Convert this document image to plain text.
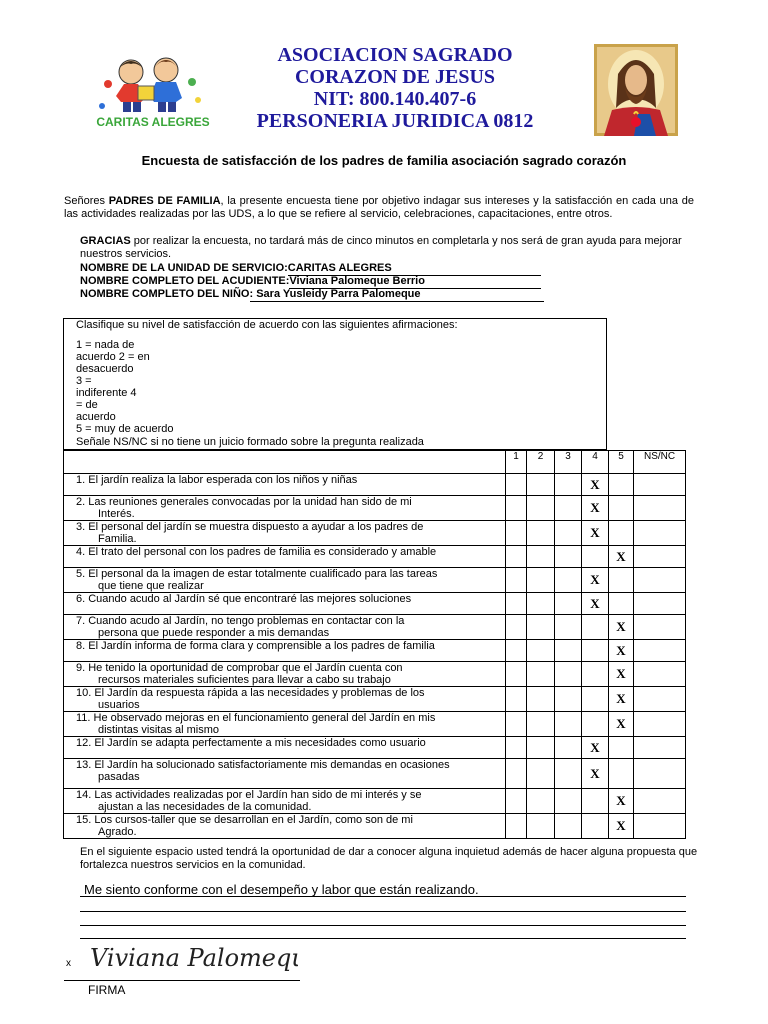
CARITAS ALEGRES
ASOCIACION SAGRADO
CORAZON DE JESUS
NIT: 800.140.407-6
PERSONERIA JURIDICA 0812
Encuesta de satisfacción de los padres de familia asociación sagrado corazón
Señores PADRES DE FAMILIA, la presente encuesta tiene por objetivo indagar sus intereses y la satisfacción en cada una de las actividades realizadas por las UDS, a lo que se refiere al servicio, celebraciones, capacitaciones, entre otros.
GRACIAS por realizar la encuesta, no tardará más de cinco minutos en completarla y nos será de gran ayuda para mejorar nuestros servicios.
NOMBRE DE LA UNIDAD DE SERVICIO:CARITAS ALEGRES
NOMBRE COMPLETO DEL ACUDIENTE:Viviana Palomeque Berrio
NOMBRE COMPLETO DEL NIÑO: Sara Yusleidy Parra Palomeque
Clasifique su nivel de satisfacción de acuerdo con las siguientes afirmaciones:
1 = nada de
acuerdo 2 = en
desacuerdo
3 =
indiferente 4
= de
acuerdo
5 = muy de acuerdo
Señale NS/NC si no tiene un juicio formado sobre la pregunta realizada
	1	2	3	4	5	NS/NC

1. El jardín realiza la labor esperada con los niños y niñas				X		

2. Las reuniones generales convocadas por la unidad han sido de mi
Interés.				X		

3. El personal del jardín se muestra dispuesto a ayudar a los padres de
Familia.				X		

4. El trato del personal con los padres de familia es considerado y amable					X	

5. El personal da la imagen de estar totalmente cualificado para las tareas
que tiene que realizar				X		

6. Cuando acudo al Jardín sé que encontraré las mejores soluciones				X		

7. Cuando acudo al Jardín, no tengo problemas en contactar con la
persona que puede responder a mis demandas					X	

8. El Jardín informa de forma clara y comprensible a los padres de familia					X	

9. He tenido la oportunidad de comprobar que el Jardín cuenta con
recursos materiales suficientes para llevar a cabo su trabajo					X	

10. El Jardín da respuesta rápida a las necesidades y problemas de los
usuarios					X	

11. He observado mejoras en el funcionamiento general del Jardín en mis
distintas visitas al mismo					X	

12. El Jardín se adapta perfectamente a mis necesidades como usuario				X		

13. El Jardín ha solucionado satisfactoriamente mis demandas en ocasiones
pasadas				X		

14. Las actividades realizadas por el Jardín han sido de mi interés y se
ajustan a las necesidades de la comunidad.					X	

15. Los cursos-taller que se desarrollan en el Jardín, como son de mi
Agrado.					X	
En el siguiente espacio usted tendrá la oportunidad de dar a conocer alguna inquietud además de hacer alguna propuesta que fortalezca nuestros servicios en la comunidad.
Me siento conforme con el desempeño y labor que están realizando.
x Viviana Palomeque
FIRMA
